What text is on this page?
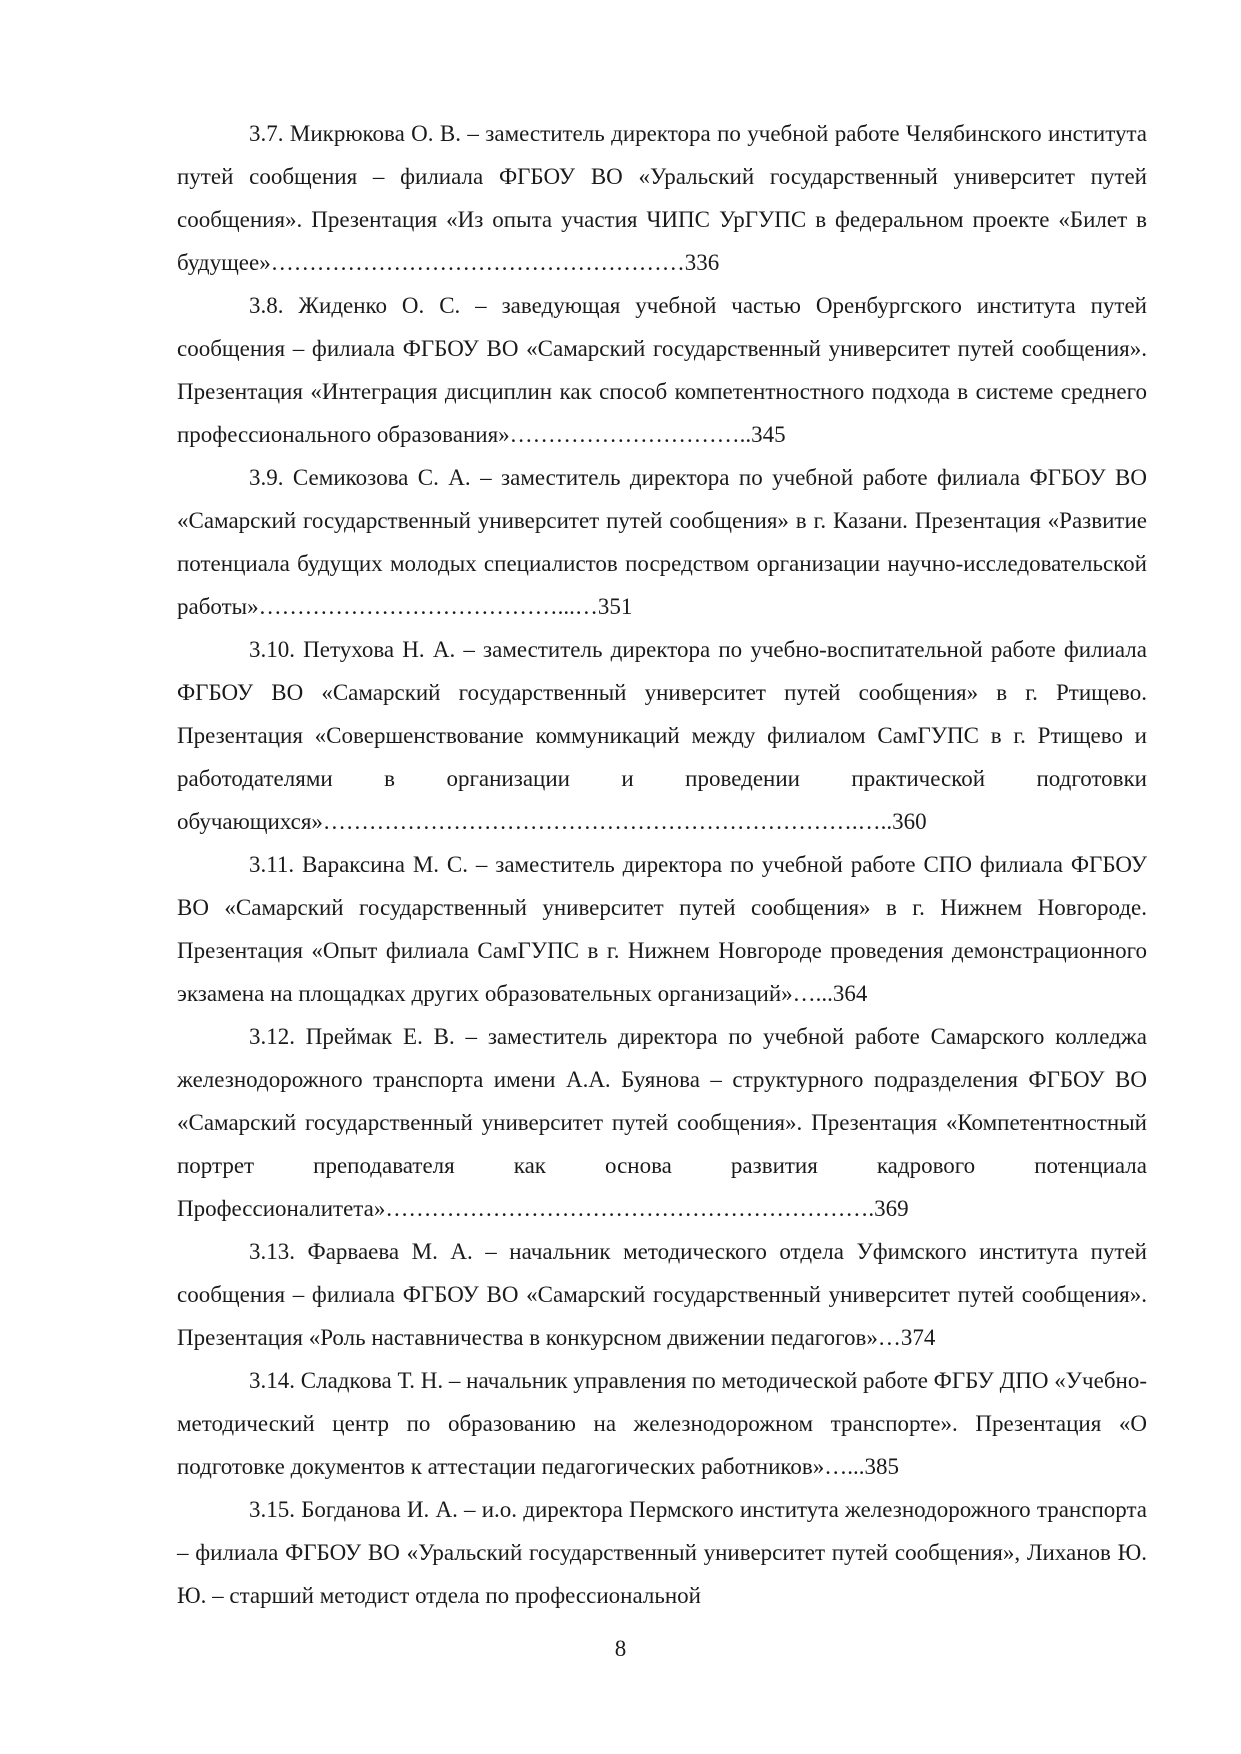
3.7. Микрюкова О. В. – заместитель директора по учебной работе Челябинского института путей сообщения – филиала ФГБОУ ВО «Уральский государственный университет путей сообщения». Презентация «Из опыта участия ЧИПС УрГУПС в федеральном проекте «Билет в будущее»………………………………………………336

3.8. Жиденко О. С. – заведующая учебной частью Оренбургского института путей сообщения – филиала ФГБОУ ВО «Самарский государственный университет путей сообщения». Презентация «Интеграция дисциплин как способ компетентностного подхода в системе среднего профессионального образования»…………………………..345

3.9. Семикозова С. А. – заместитель директора по учебной работе филиала ФГБОУ ВО «Самарский государственный университет путей сообщения» в г. Казани. Презентация «Развитие потенциала будущих молодых специалистов посредством организации научно-исследовательской работы»…………………………………...…351

3.10. Петухова Н. А. – заместитель директора по учебно-воспитательной работе филиала ФГБОУ ВО «Самарский государственный университет путей сообщения» в г. Ртищево. Презентация «Совершенствование коммуникаций между филиалом СамГУПС в г. Ртищево и работодателями в организации и проведении практической подготовки обучающихся»…………………………………………………………….…..360

3.11. Вараксина М. С. – заместитель директора по учебной работе СПО филиала ФГБОУ ВО «Самарский государственный университет путей сообщения» в г. Нижнем Новгороде. Презентация «Опыт филиала СамГУПС в г. Нижнем Новгороде проведения демонстрационного экзамена на площадках других образовательных организаций»…...364

3.12. Преймак Е. В. – заместитель директора по учебной работе Самарского колледжа железнодорожного транспорта имени А.А. Буянова – структурного подразделения ФГБОУ ВО «Самарский государственный университет путей сообщения». Презентация «Компетентностный портрет преподавателя как основа развития кадрового потенциала Профессионалитета»……………………………………………………….369

3.13. Фарваева М. А. – начальник методического отдела Уфимского института путей сообщения – филиала ФГБОУ ВО «Самарский государственный университет путей сообщения». Презентация «Роль наставничества в конкурсном движении педагогов»…374

3.14. Сладкова Т. Н. – начальник управления по методической работе ФГБУ ДПО «Учебно-методический центр по образованию на железнодорожном транспорте». Презентация «О подготовке документов к аттестации педагогических работников»…...385

3.15. Богданова И. А. – и.о. директора Пермского института железнодорожного транспорта – филиала ФГБОУ ВО «Уральский государственный университет путей сообщения», Лиханов Ю. Ю. – старший методист отдела по профессиональной

8
